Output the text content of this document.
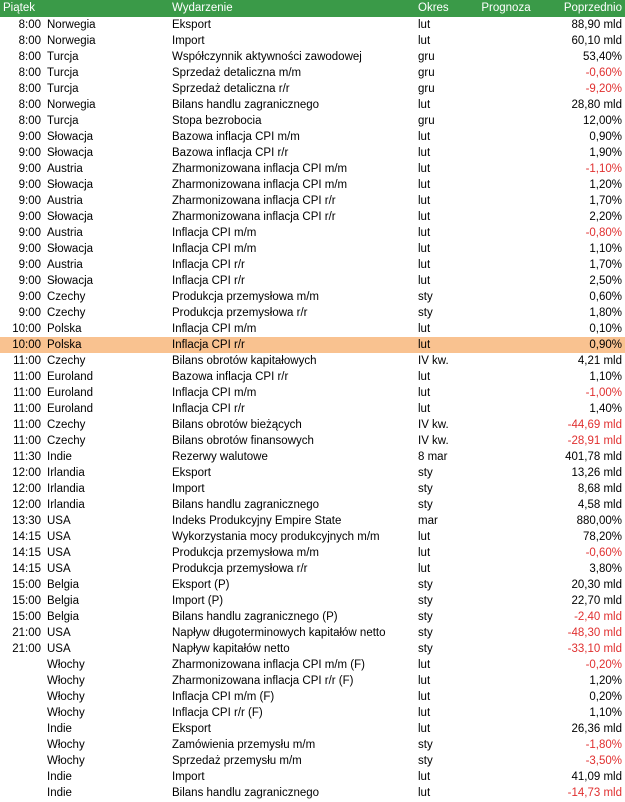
Piątek		Wydarzenie	Okres	Prognoza	Poprzednio
8:00	Norwegia	Eksport	lut		88,90 mld
8:00	Norwegia	Import	lut		60,10 mld
8:00	Turcja	Współczynnik aktywności zawodowej	gru		53,40%
8:00	Turcja	Sprzedaż detaliczna m/m	gru		-0,60%
8:00	Turcja	Sprzedaż detaliczna r/r	gru		-9,20%
8:00	Norwegia	Bilans handlu zagranicznego	lut		28,80 mld
8:00	Turcja	Stopa bezrobocia	gru		12,00%
9:00	Słowacja	Bazowa inflacja CPI m/m	lut		0,90%
9:00	Słowacja	Bazowa inflacja CPI r/r	lut		1,90%
9:00	Austria	Zharmonizowana inflacja CPI m/m	lut		-1,10%
9:00	Słowacja	Zharmonizowana inflacja CPI m/m	lut		1,20%
9:00	Austria	Zharmonizowana inflacja CPI r/r	lut		1,70%
9:00	Słowacja	Zharmonizowana inflacja CPI r/r	lut		2,20%
9:00	Austria	Inflacja CPI m/m	lut		-0,80%
9:00	Słowacja	Inflacja CPI m/m	lut		1,10%
9:00	Austria	Inflacja CPI r/r	lut		1,70%
9:00	Słowacja	Inflacja CPI r/r	lut		2,50%
9:00	Czechy	Produkcja przemysłowa m/m	sty		0,60%
9:00	Czechy	Produkcja przemysłowa r/r	sty		1,80%
10:00	Polska	Inflacja CPI m/m	lut		0,10%
10:00	Polska	Inflacja CPI r/r	lut		0,90%
11:00	Czechy	Bilans obrotów kapitałowych	IV kw.		4,21 mld
11:00	Euroland	Bazowa inflacja CPI r/r	lut		1,10%
11:00	Euroland	Inflacja CPI m/m	lut		-1,00%
11:00	Euroland	Inflacja CPI r/r	lut		1,40%
11:00	Czechy	Bilans obrotów bieżących	IV kw.		-44,69 mld
11:00	Czechy	Bilans obrotów finansowych	IV kw.		-28,91 mld
11:30	Indie	Rezerwy walutowe	8 mar		401,78 mld
12:00	Irlandia	Eksport	sty		13,26 mld
12:00	Irlandia	Import	sty		8,68 mld
12:00	Irlandia	Bilans handlu zagranicznego	sty		4,58 mld
13:30	USA	Indeks Produkcyjny Empire State	mar		880,00%
14:15	USA	Wykorzystania mocy produkcyjnych m/m	lut		78,20%
14:15	USA	Produkcja przemysłowa m/m	lut		-0,60%
14:15	USA	Produkcja przemysłowa r/r	lut		3,80%
15:00	Belgia	Eksport (P)	sty		20,30 mld
15:00	Belgia	Import (P)	sty		22,70 mld
15:00	Belgia	Bilans handlu zagranicznego (P)	sty		-2,40 mld
21:00	USA	Napływ długoterminowych kapitałów netto	sty		-48,30 mld
21:00	USA	Napływ kapitałów netto	sty		-33,10 mld
	Włochy	Zharmonizowana inflacja CPI m/m (F)	lut		-0,20%
	Włochy	Zharmonizowana inflacja CPI r/r (F)	lut		1,20%
	Włochy	Inflacja CPI m/m (F)	lut		0,20%
	Włochy	Inflacja CPI r/r (F)	lut		1,10%
	Indie	Eksport	lut		26,36 mld
	Włochy	Zamówienia przemysłu m/m	sty		-1,80%
	Włochy	Sprzedaż przemysłu m/m	sty		-3,50%
	Indie	Import	lut		41,09 mld
	Indie	Bilans handlu zagranicznego	lut		-14,73 mld
